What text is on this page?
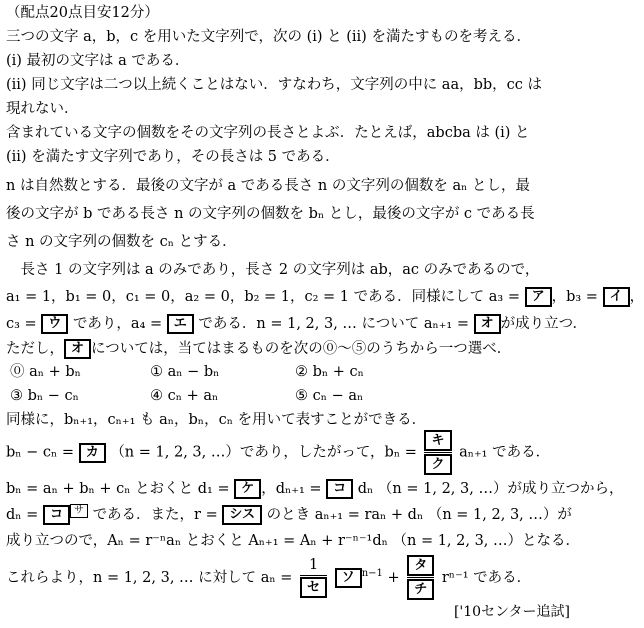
（配点20点目安12分）
三つの文字 a，b，c を用いた文字列で，次の (i) と (ii) を満たすものを考える．
(i) 最初の文字は a である．
(ii) 同じ文字は二つ以上続くことはない．すなわち，文字列の中に aa，bb，cc は
現れない．
含まれている文字の個数をその文字列の長さとよぶ．たとえば，abcba は (i) と
(ii) を満たす文字列であり，その長さは 5 である．
n は自然数とする．最後の文字が a である長さ n の文字列の個数を aₙ とし，最
後の文字が b である長さ n の文字列の個数を bₙ とし，最後の文字が c である長
さ n の文字列の個数を cₙ とする．
　長さ 1 の文字列は a のみであり，長さ 2 の文字列は ab，ac のみであるので，
a₁ = 1，b₁ = 0，c₁ = 0，a₂ = 0，b₂ = 1，c₂ = 1 である．同様にして a₃ = ア ，b₃ = イ ，
c₃ = ウ であり，a₄ = エ である．n = 1, 2, 3, … について aₙ₊₁ = オ が成り立つ．
ただし， オ については，当てはまるものを次の⓪～⑤のうちから一つ選べ．
⓪ aₙ + bₙ	① aₙ − bₙ	② bₙ + cₙ
③ bₙ − cₙ	④ cₙ + aₙ	⑤ cₙ − aₙ
同様に，bₙ₊₁，cₙ₊₁ も aₙ，bₙ，cₙ を用いて表すことができる．
bₙ − cₙ = カ （n = 1, 2, 3, …）であり，したがって，$b_n = \frac{\text{キ}}{\text{ク}} a_{n+1}$ である．
bₙ = aₙ + bₙ + cₙ とおくと d₁ = ケ ，dₙ₊₁ = コ dₙ （n = 1, 2, 3, …）が成り立つから，
dₙ = コ サ である．また，r = シス のとき aₙ₊₁ = raₙ + dₙ （n = 1, 2, 3, …）が
成り立つので，Aₙ = r⁻ⁿaₙ とおくと Aₙ₊₁ = Aₙ + r⁻ⁿ⁻¹dₙ （n = 1, 2, 3, …）となる．
これらより，n = 1, 2, 3, … に対して $a_n = \frac{1}{\text{セ}}$ ソ $^{n-1} + \frac{\text{タ}}{\text{チ}} r^{n-1}$ である．
['10センター追試]
